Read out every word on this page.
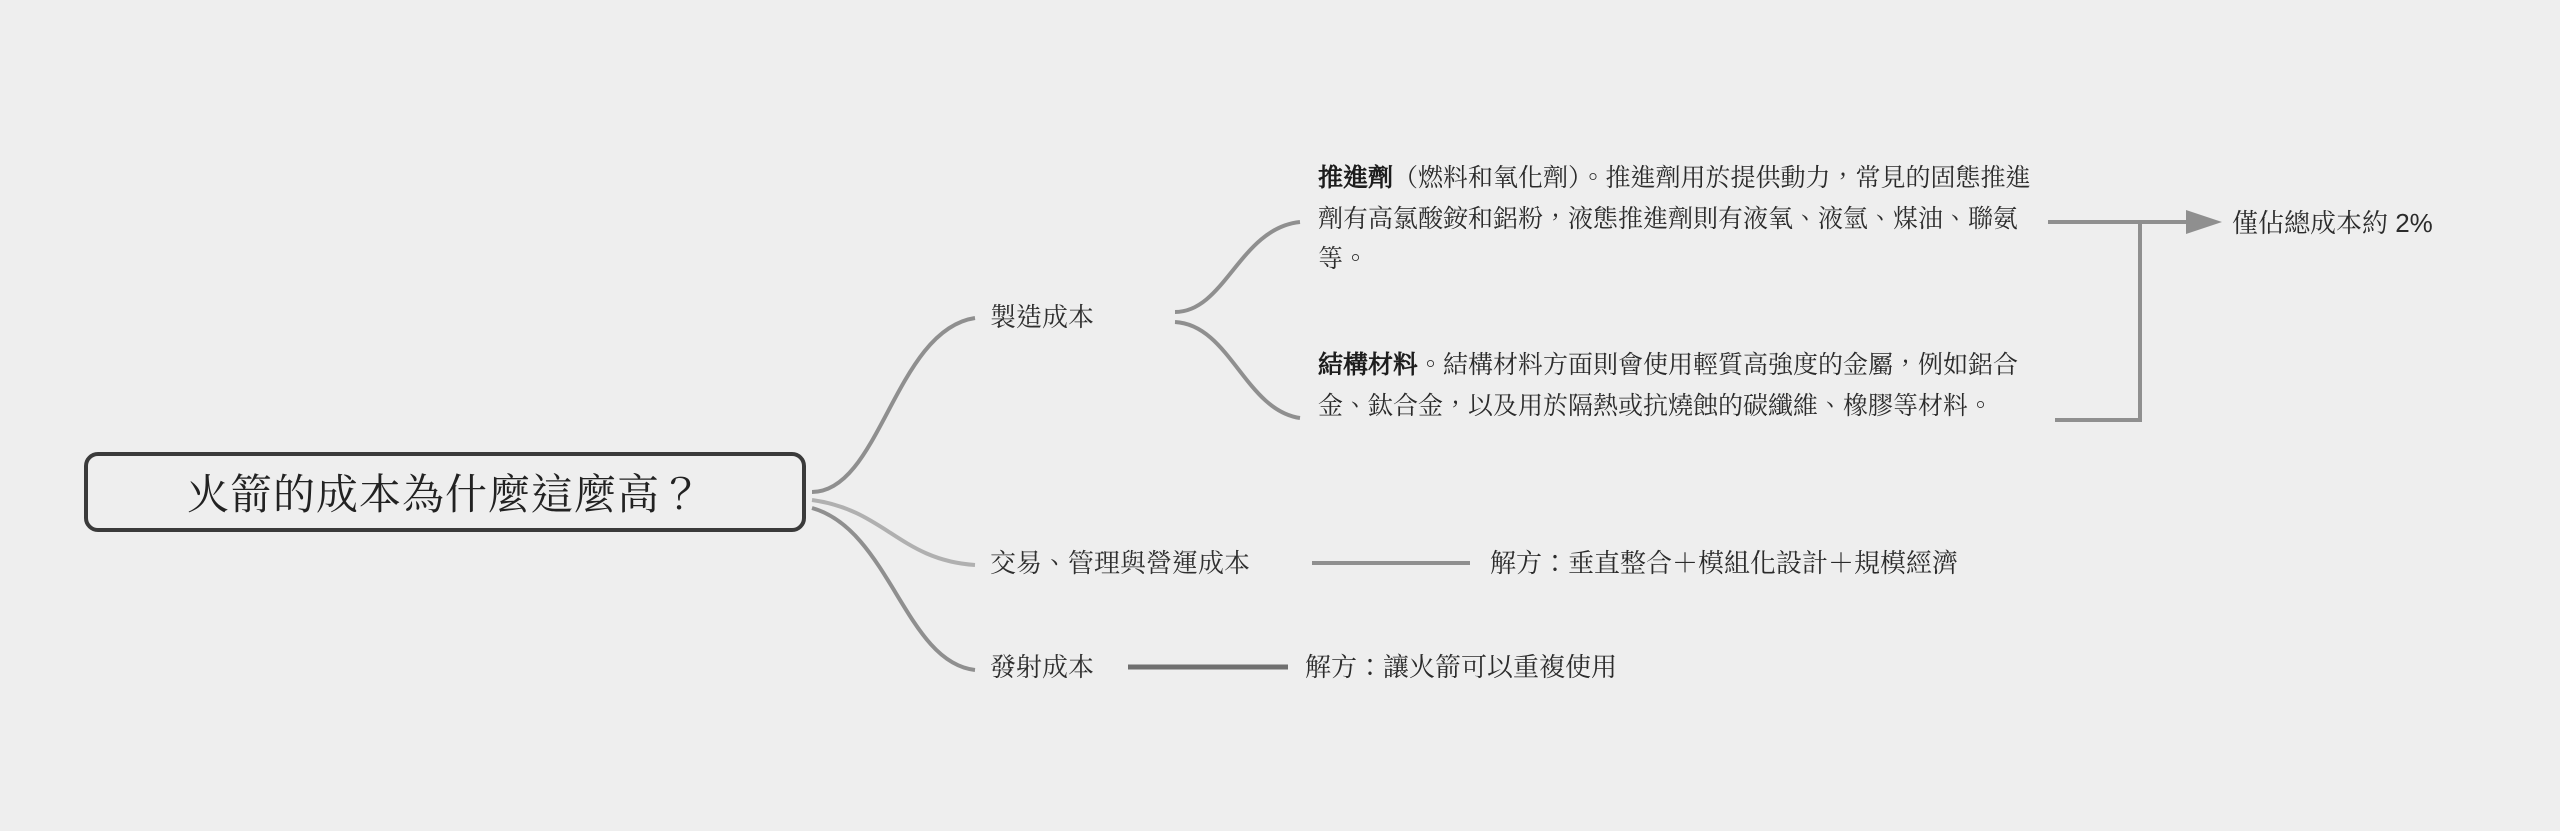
火箭的成本為什麼這麼高？
製造成本
交易、管理與營運成本
發射成本
推進劑（燃料和氧化劑）。推進劑用於提供動力，常見的固態推進劑有高氯酸銨和鋁粉，液態推進劑則有液氧、液氫、煤油、聯氨等。
結構材料。結構材料方面則會使用輕質高強度的金屬，例如鋁合金、鈦合金，以及用於隔熱或抗燒蝕的碳纖維、橡膠等材料。
僅佔總成本約 2%
解方：垂直整合＋模組化設計＋規模經濟
解方：讓火箭可以重複使用
